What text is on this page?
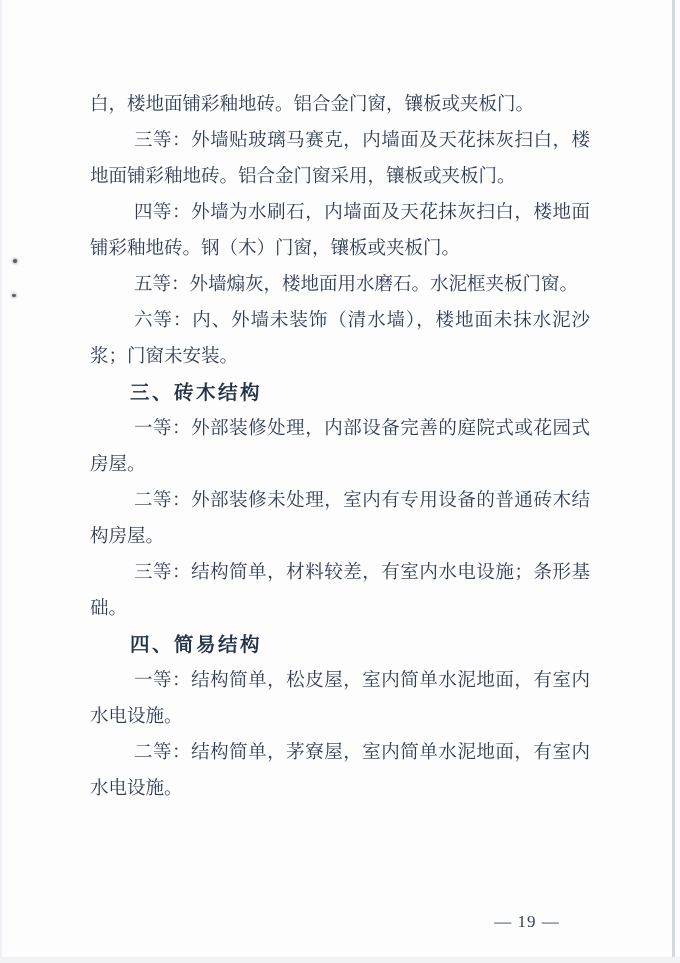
白，楼地面铺彩釉地砖。铝合金门窗，镶板或夹板门。
三等：外墙贴玻璃马赛克，内墙面及天花抹灰扫白，楼
地面铺彩釉地砖。铝合金门窗采用，镶板或夹板门。
四等：外墙为水刷石，内墙面及天花抹灰扫白，楼地面
铺彩釉地砖。钢（木）门窗，镶板或夹板门。
五等：外墙煽灰，楼地面用水磨石。水泥框夹板门窗。
六等：内、外墙未装饰（清水墙），楼地面未抹水泥沙
浆；门窗未安装。
三、砖木结构
一等：外部装修处理，内部设备完善的庭院式或花园式
房屋。
二等：外部装修未处理，室内有专用设备的普通砖木结
构房屋。
三等：结构简单，材料较差，有室内水电设施；条形基
础。
四、简易结构
一等：结构简单，松皮屋，室内简单水泥地面，有室内
水电设施。
二等：结构简单，茅寮屋，室内简单水泥地面，有室内
水电设施。
— 19 —
